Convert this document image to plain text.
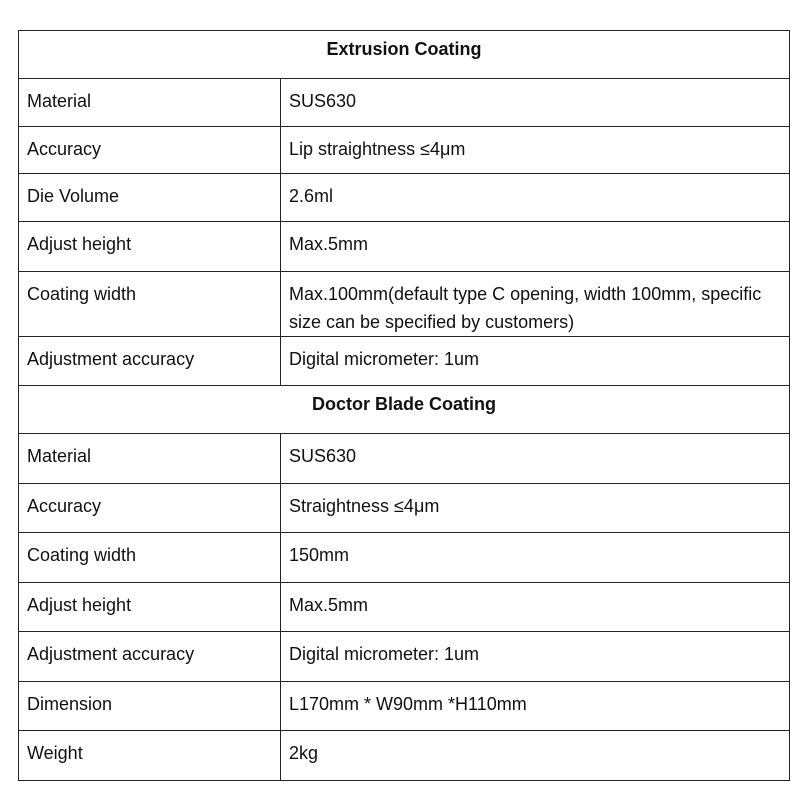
Extrusion Coating	
Material	SUS630
Accuracy	Lip straightness ≤4μm
Die Volume	2.6ml
Adjust height	Max.5mm
Coating width	Max.100mm(default type C opening, width 100mm, specific size can be specified by customers)
Adjustment accuracy	Digital micrometer: 1um
Doctor Blade Coating	
Material	SUS630
Accuracy	Straightness ≤4μm
Coating width	150mm
Adjust height	Max.5mm
Adjustment accuracy	Digital micrometer: 1um
Dimension	L170mm * W90mm *H110mm
Weight	2kg
